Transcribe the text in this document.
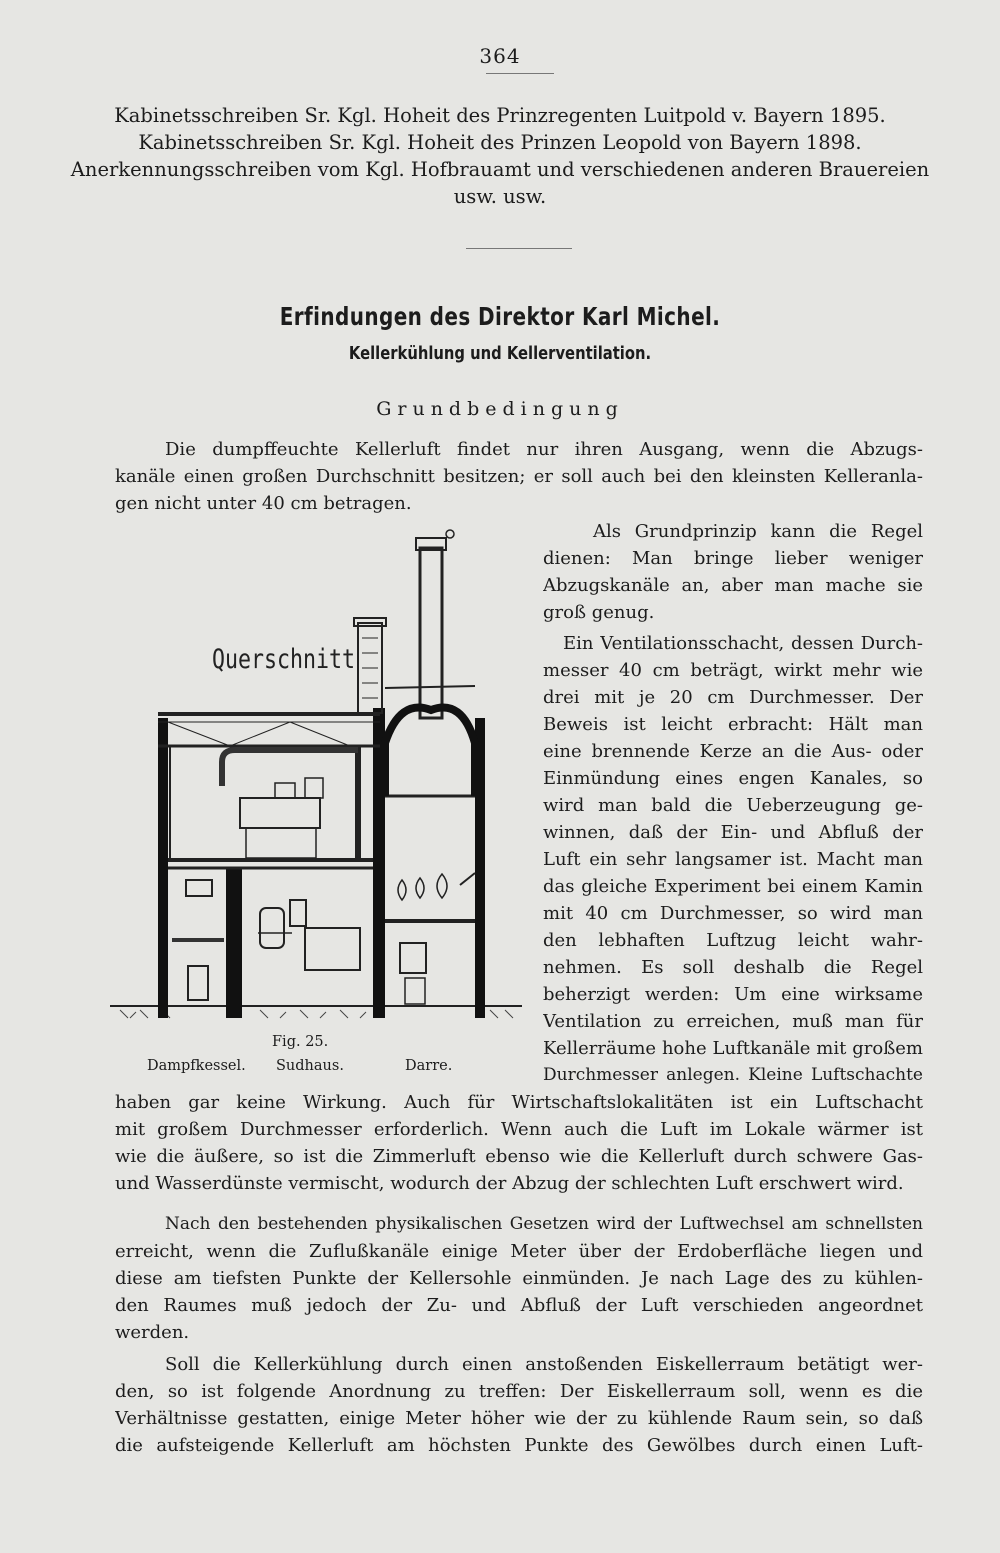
364
Kabinetsschreiben Sr. Kgl. Hoheit des Prinzregenten Luitpold v. Bayern 1895.
Kabinetsschreiben Sr. Kgl. Hoheit des Prinzen Leopold von Bayern 1898.
Anerkennungsschreiben vom Kgl. Hofbrauamt und verschiedenen anderen Brauereien
usw. usw.
Erfindungen des Direktor Karl Michel.
Kellerkühlung und Kellerventilation.
Grundbedingung
Die dumpffeuchte Kellerluft findet nur ihren Ausgang, wenn die Abzugs-
kanäle einen großen Durchschnitt besitzen; er soll auch bei den kleinsten Kelleranla-
gen nicht unter 40 cm betragen.
Als Grundprinzip kann die Regel
dienen: Man bringe lieber weniger
Abzugskanäle an, aber man mache sie
groß genug.
Ein Ventilationsschacht, dessen Durch-
messer 40 cm beträgt, wirkt mehr wie
drei mit je 20 cm Durchmesser. Der
Beweis ist leicht erbracht: Hält man
eine brennende Kerze an die Aus- oder
Einmündung eines engen Kanales, so
wird man bald die Ueberzeugung ge-
winnen, daß der Ein- und Abfluß der
Luft ein sehr langsamer ist. Macht man
das gleiche Experiment bei einem Kamin
mit 40 cm Durchmesser, so wird man
den lebhaften Luftzug leicht wahr-
nehmen. Es soll deshalb die Regel
beherzigt werden: Um eine wirksame
Ventilation zu erreichen, muß man für
Kellerräume hohe Luftkanäle mit großem
Durchmesser anlegen. Kleine Luftschachte
Querschnitt
Fig. 25.
Dampfkessel. Sudhaus.	Darre.
haben gar keine Wirkung. Auch für Wirtschaftslokalitäten ist ein Luftschacht
mit großem Durchmesser erforderlich. Wenn auch die Luft im Lokale wärmer ist
wie die äußere, so ist die Zimmerluft ebenso wie die Kellerluft durch schwere Gas-
und Wasserdünste vermischt, wodurch der Abzug der schlechten Luft erschwert wird.
Nach den bestehenden physikalischen Gesetzen wird der Luftwechsel am schnellsten
erreicht, wenn die Zuflußkanäle einige Meter über der Erdoberfläche liegen und
diese am tiefsten Punkte der Kellersohle einmünden. Je nach Lage des zu kühlen-
den Raumes muß jedoch der Zu- und Abfluß der Luft verschieden angeordnet
werden.
Soll die Kellerkühlung durch einen anstoßenden Eiskellerraum betätigt wer-
den, so ist folgende Anordnung zu treffen: Der Eiskellerraum soll, wenn es die
Verhältnisse gestatten, einige Meter höher wie der zu kühlende Raum sein, so daß
die aufsteigende Kellerluft am höchsten Punkte des Gewölbes durch einen Luft-
